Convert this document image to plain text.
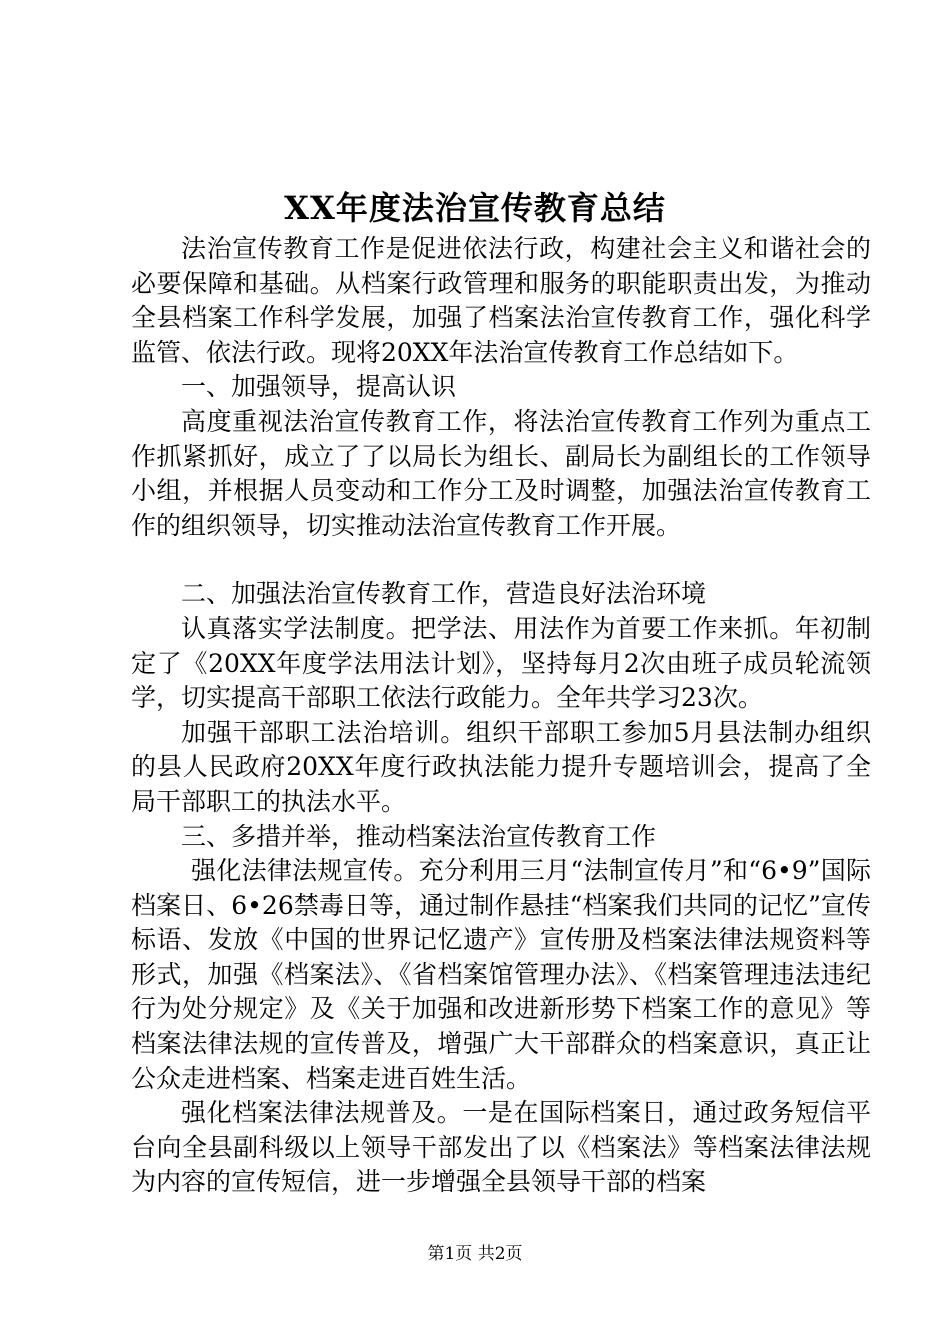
XX年度法治宣传教育总结

法治宣传教育工作是促进依法行政，构建社会主义和谐社会的必要保障和基础。从档案行政管理和服务的职能职责出发，为推动全县档案工作科学发展，加强了档案法治宣传教育工作，强化科学监管、依法行政。现将20XX年法治宣传教育工作总结如下。

一、加强领导，提高认识

高度重视法治宣传教育工作，将法治宣传教育工作列为重点工作抓紧抓好，成立了了以局长为组长、副局长为副组长的工作领导小组，并根据人员变动和工作分工及时调整，加强法治宣传教育工作的组织领导，切实推动法治宣传教育工作开展。

二、加强法治宣传教育工作，营造良好法治环境

认真落实学法制度。把学法、用法作为首要工作来抓。年初制定了《20XX年度学法用法计划》，坚持每月2次由班子成员轮流领学，切实提高干部职工依法行政能力。全年共学习23次。

加强干部职工法治培训。组织干部职工参加5月县法制办组织的县人民政府20XX年度行政执法能力提升专题培训会，提高了全局干部职工的执法水平。

三、多措并举，推动档案法治宣传教育工作

强化法律法规宣传。充分利用三月“法制宣传月”和“6•9”国际档案日、6•26禁毒日等，通过制作悬挂“档案我们共同的记忆”宣传标语、发放《中国的世界记忆遗产》宣传册及档案法律法规资料等形式，加强《档案法》、《省档案馆管理办法》、《档案管理违法违纪行为处分规定》及《关于加强和改进新形势下档案工作的意见》等档案法律法规的宣传普及，增强广大干部群众的档案意识，真正让公众走进档案、档案走进百姓生活。

强化档案法律法规普及。一是在国际档案日，通过政务短信平台向全县副科级以上领导干部发出了以《档案法》等档案法律法规为内容的宣传短信，进一步增强全县领导干部的档案

第1页 共2页
